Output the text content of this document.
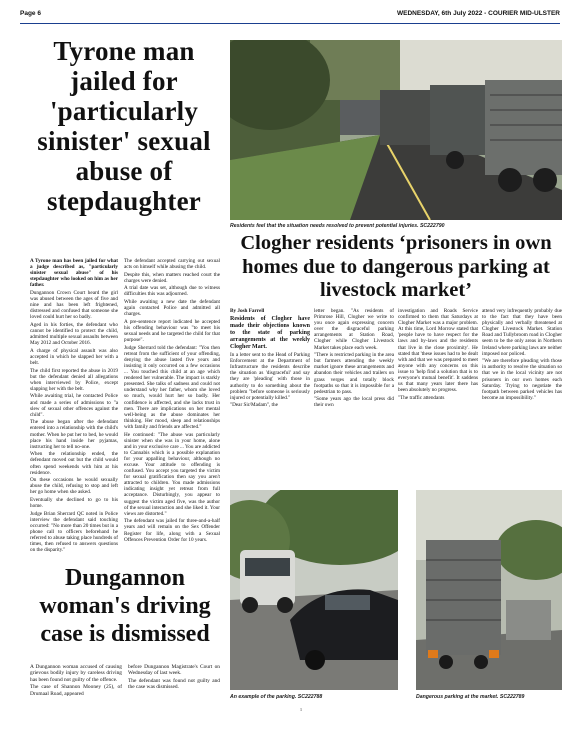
Page 6	WEDNESDAY, 6th July 2022 - COURIER MID-ULSTER
Tyrone man jailed for 'particularly sinister' sexual abuse of stepdaughter

A Tyrone man has been jailed for what a judge described as, "particularly sinister sexual abuse" of his stepdaughter who looked on him as her father.

Dungannon Crown Court heard the girl was abused between the ages of five and nine and has been left frightened, distressed and confused that someone she loved could hurt her so badly.

Aged in his forties, the defendant who cannot be identified to protect the child, admitted multiple sexual assaults between May 2012 and October 2016.

A charge of physical assault was also accepted in which he slapped her with a belt.

The child first reported the abuse in 2019 but the defendant denied all allegations when interviewed by Police, except slapping her with the belt.

While awaiting trial, he contacted Police and made a series of admissions to "a slew of sexual other offences against the child".

The abuse began after the defendant entered into a relationship with the child's mother. When he put her to bed, he would place his hand inside her pyjamas, instructing her to tell no-one.

When the relationship ended, the defendant moved out but the child would often spend weekends with him at his residence.

On these occasions he would sexually abuse the child, refusing to stop and left her go home when she asked.

Eventually she declined to go to his home.

Judge Brian Sherrard QC noted in Police interview the defendant said touching occurred: "No more than 20 times but in a phone call to officers beforehand he referred to abuse taking place hundreds of times, then refused to answers questions on the disparity."

The defendant accepted carrying out sexual acts on himself while abusing the child.

Despite this, when matters reached court the charges were denied.

A trial date was set, although due to witness difficulties this was adjourned.

While awaiting a new date the defendant again contacted Police and admitted all charges.

A pre-sentence report indicated he accepted his offending behaviour was "to meet his sexual needs and he targeted the child for that purpose".

Judge Sherrard told the defendant: "You then retreat from the sufficient of your offending, denying the abuse lasted five years and insisting it only occurred on a few occasions ... You touched this child at an age which rendered her vulnerable. The impact is starkly presented. She talks of sadness and could not understand why her father, whom she loved so much, would hurt her so badly. Her confidence is affected, and she lacks trust in men. There are implications on her mental well-being as the abuse dominates her thinking. Her mood, sleep and relationships with family and friends are affected."

He continued: "The abuse was particularly sinister when she was in your home, alone and in your exclusive care ... You are addicted to Cannabis which is a possible explanation for your appalling behaviour, although no excuse. Your attitude to offending is confused. You accept you targeted the victim for sexual gratification then say you aren't attracted to children. You made admissions indicating insight yet retreat from full acceptance. Disturbingly, you appear to suggest the victim aged five, was the author of the sexual interaction and she liked it. Your views are distorted."

The defendant was jailed for three-and-a-half years and will remain on the Sex Offender Register for life, along with a Sexual Offences Prevention Order for 10 years.

Residents feel that the situation needs resolved to prevent potential injuries. SC222790
Clogher residents ‘prisoners in own homes due to dangerous parking at livestock market’

By Josh Farrell

Residents of Clogher have made their objections known to the state of parking arrangements at the weekly Clogher Mart.

In a letter sent to the Head of Parking Enforcement at the Department of Infrastructure the residents describe the situation as 'disgraceful' and say they are 'pleading' with those in authority to do something about the problem "before someone is seriously injured or potentially killed."

"Dear Sir/Madam", the

letter began. "As residents of Primrose Hill, Clogher we write to you once again expressing concern over the disgraceful parking arrangements at Station Road, Clogher while Clogher Livestock Market takes place each week.

"There is restricted parking in the area but farmers attending the weekly market ignore these arrangements and abandon their vehicles and trailers on grass verges and totally block footpaths so that it is impossible for a pedestrian to pass.

"Some years ago the local press did their own

investigation and Roads Service confirmed to them that Saturdays at Clogher Market was a major problem. At this time, Lord Morrow stated that 'people have to have respect for the laws and by-laws and the residents that live in the close proximity'. He stated that 'these issues had to be dealt with and that we was prepared to meet anyone with any concerns on this issue to 'help find a solution that is to everyone's mutual benefit'. It saddens us that many years later there has been absolutely no progress.

"The traffic attendants

attend very infrequently probably due to the fact that they have been physically and verbally threatened at Clogher Livestock Market. Station Road and Tullybroom road in Clogher seem to be the only areas in Northern Ireland where parking laws are neither imposed nor policed.

"We are therefore pleading with those in authority to resolve the situation so that we in the local vicinity are not prisoners in our own homes each Saturday. Trying to negotiate the footpath between parked vehicles has become an impossibility."

An example of the parking. SC222788	Dangerous parking at the market. SC222789
Dungannon woman's driving case is dismissed

A Dungannon woman accused of causing grievous bodily injury by careless driving has been found not guilty of the offence.

The case of Shannon Mooney (25), of Drumaal Road, appeared

before Dungannon Magistrate's Court on Wednesday of last week.

The defendant was found not guilty and the case was dismissed.

1
